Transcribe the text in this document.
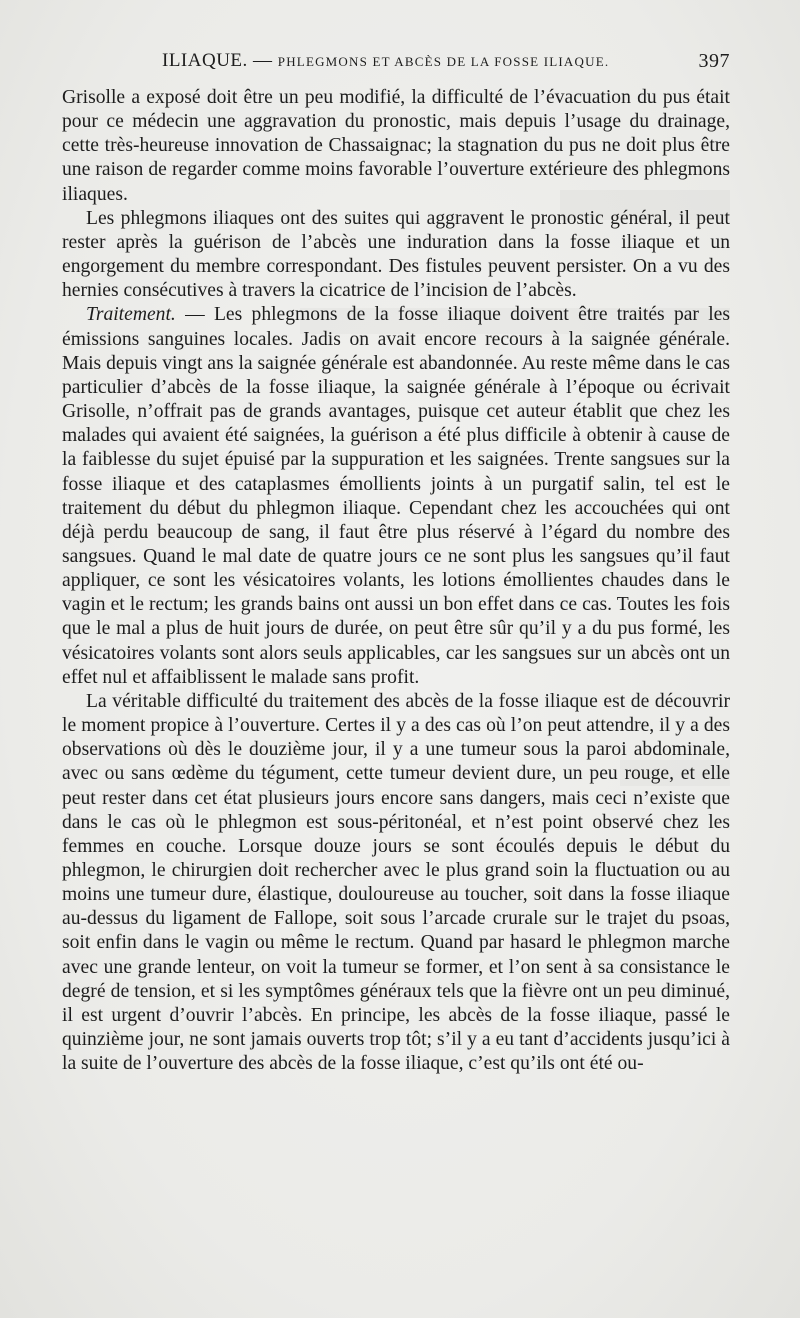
ILIAQUE. — PHLEGMONS ET ABCÈS DE LA FOSSE ILIAQUE.	397

Grisolle a exposé doit être un peu modifié, la difficulté de l’évacuation du pus était pour ce médecin une aggravation du pronostic, mais depuis l’usage du drainage, cette très-heureuse innovation de Chassaignac; la stagnation du pus ne doit plus être une raison de regarder comme moins favorable l’ouverture extérieure des phlegmons iliaques.

Les phlegmons iliaques ont des suites qui aggravent le pronostic général, il peut rester après la guérison de l’abcès une induration dans la fosse iliaque et un engorgement du membre correspondant. Des fistules peuvent persister. On a vu des hernies consécutives à travers la cicatrice de l’incision de l’abcès.

Traitement. — Les phlegmons de la fosse iliaque doivent être traités par les émissions sanguines locales. Jadis on avait encore recours à la saignée générale. Mais depuis vingt ans la saignée générale est abandonnée. Au reste même dans le cas particulier d’abcès de la fosse iliaque, la saignée générale à l’époque ou écrivait Grisolle, n’offrait pas de grands avantages, puisque cet auteur établit que chez les malades qui avaient été saignées, la guérison a été plus difficile à obtenir à cause de la faiblesse du sujet épuisé par la suppuration et les saignées. Trente sangsues sur la fosse iliaque et des cataplasmes émollients joints à un purgatif salin, tel est le traitement du début du phlegmon iliaque. Cependant chez les accouchées qui ont déjà perdu beaucoup de sang, il faut être plus réservé à l’égard du nombre des sangsues. Quand le mal date de quatre jours ce ne sont plus les sangsues qu’il faut appliquer, ce sont les vésicatoires volants, les lotions émollientes chaudes dans le vagin et le rectum; les grands bains ont aussi un bon effet dans ce cas. Toutes les fois que le mal a plus de huit jours de durée, on peut être sûr qu’il y a du pus formé, les vésicatoires volants sont alors seuls applicables, car les sangsues sur un abcès ont un effet nul et affaiblissent le malade sans profit.

La véritable difficulté du traitement des abcès de la fosse iliaque est de découvrir le moment propice à l’ouverture. Certes il y a des cas où l’on peut attendre, il y a des observations où dès le douzième jour, il y a une tumeur sous la paroi abdominale, avec ou sans œdème du tégument, cette tumeur devient dure, un peu rouge, et elle peut rester dans cet état plusieurs jours encore sans dangers, mais ceci n’existe que dans le cas où le phlegmon est sous-péritonéal, et n’est point observé chez les femmes en couche. Lorsque douze jours se sont écoulés depuis le début du phlegmon, le chirurgien doit rechercher avec le plus grand soin la fluctuation ou au moins une tumeur dure, élastique, douloureuse au toucher, soit dans la fosse iliaque au-dessus du ligament de Fallope, soit sous l’arcade crurale sur le trajet du psoas, soit enfin dans le vagin ou même le rectum. Quand par hasard le phlegmon marche avec une grande lenteur, on voit la tumeur se former, et l’on sent à sa consistance le degré de tension, et si les symptômes généraux tels que la fièvre ont un peu diminué, il est urgent d’ouvrir l’abcès. En principe, les abcès de la fosse iliaque, passé le quinzième jour, ne sont jamais ouverts trop tôt; s’il y a eu tant d’accidents jusqu’ici à la suite de l’ouverture des abcès de la fosse iliaque, c’est qu’ils ont été ou-
